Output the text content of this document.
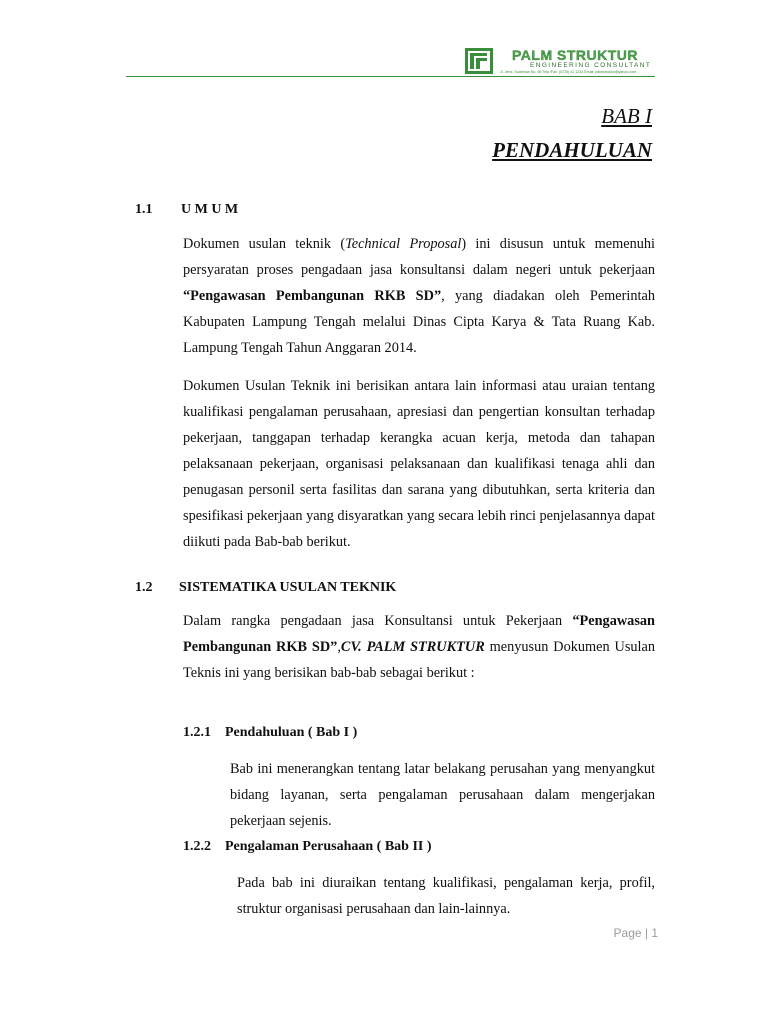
PALM STRUKTUR
ENGINEERING CONSULTANT
Jl. Jend. Sudirman No. 56 Telp./Fax. (0725) 41 1234 Email: palmstruktur@yahoo.com
BAB I
PENDAHULUAN
1.1 U M U M

Dokumen usulan teknik (Technical Proposal) ini disusun untuk memenuhi persyaratan proses pengadaan jasa konsultansi dalam negeri untuk pekerjaan “Pengawasan Pembangunan RKB SD”, yang diadakan oleh Pemerintah Kabupaten Lampung Tengah melalui Dinas Cipta Karya & Tata Ruang Kab. Lampung Tengah Tahun Anggaran 2014.

Dokumen Usulan Teknik ini berisikan antara lain informasi atau uraian tentang kualifikasi pengalaman perusahaan, apresiasi dan pengertian konsultan terhadap pekerjaan, tanggapan terhadap kerangka acuan kerja, metoda dan tahapan pelaksanaan pekerjaan, organisasi pelaksanaan dan kualifikasi tenaga ahli dan penugasan personil serta fasilitas dan sarana yang dibutuhkan, serta kriteria dan spesifikasi pekerjaan yang disyaratkan yang secara lebih rinci penjelasannya dapat diikuti pada Bab-bab berikut.

1.2 SISTEMATIKA USULAN TEKNIK

Dalam rangka pengadaan jasa Konsultansi untuk Pekerjaan “Pengawasan Pembangunan RKB SD”,CV. PALM STRUKTUR menyusun Dokumen Usulan Teknis ini yang berisikan bab-bab sebagai berikut :

1.2.1 Pendahuluan ( Bab I )

Bab ini menerangkan tentang latar belakang perusahan yang menyangkut bidang layanan, serta pengalaman perusahaan dalam mengerjakan pekerjaan sejenis.

1.2.2 Pengalaman Perusahaan ( Bab II )

Pada bab ini diuraikan tentang kualifikasi, pengalaman kerja, profil, struktur organisasi perusahaan dan lain-lainnya.

Page | 1
